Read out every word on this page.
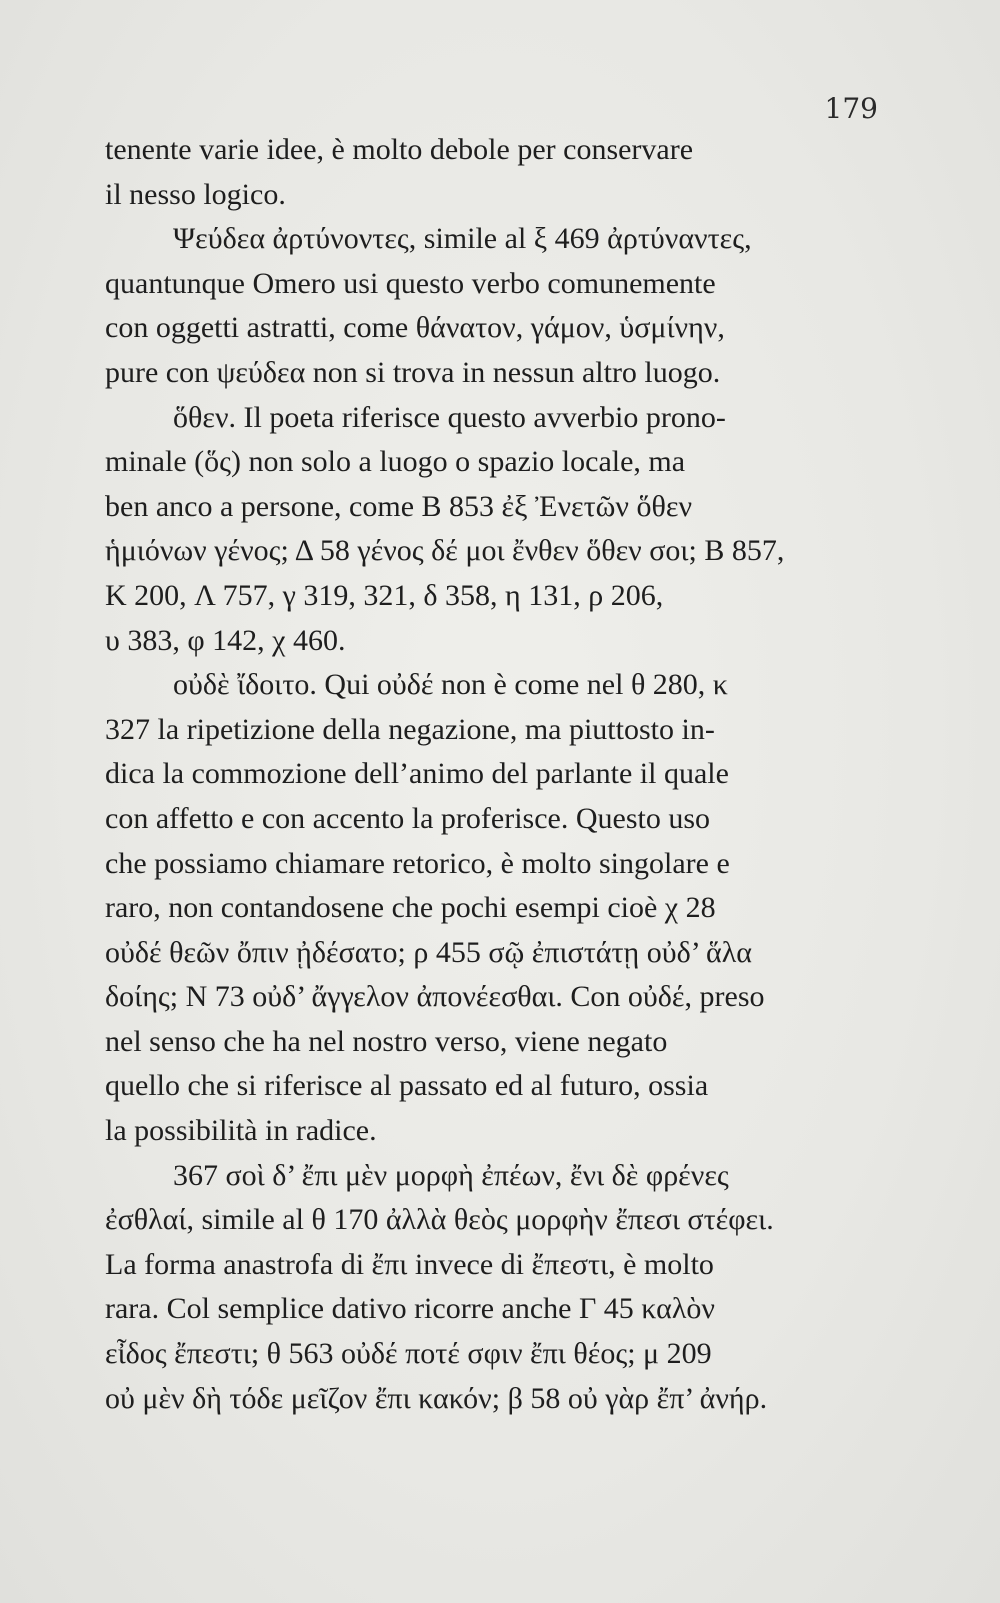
179
tenente varie idee, è molto debole per conservare
il nesso logico.
Ψεύδεα ἀρτύνοντες, simile al ξ 469 ἀρτύναντες,
quantunque Omero usi questo verbo comunemente
con oggetti astratti, come θάνατον, γάμον, ὑσμίνην,
pure con ψεύδεα non si trova in nessun altro luogo.
ὅθεν. Il poeta riferisce questo avverbio prono-
minale (ὅς) non solo a luogo o spazio locale, ma
ben anco a persone, come B 853 ἐξ Ἐνετῶν ὅθεν
ἡμιόνων γένος; Δ 58 γένος δέ μοι ἔνθεν ὅθεν σοι; B 857,
K 200, Λ 757, γ 319, 321, δ 358, η 131, ρ 206,
υ 383, φ 142, χ 460.
οὐδὲ ἴδοιτο. Qui οὐδέ non è come nel θ 280, κ
327 la ripetizione della negazione, ma piuttosto in-
dica la commozione dell’animo del parlante il quale
con affetto e con accento la proferisce. Questo uso
che possiamo chiamare retorico, è molto singolare e
raro, non contandosene che pochi esempi cioè χ 28
οὐδέ θεῶν ὄπιν ᾐδέσατο; ρ 455 σῷ ἐπιστάτῃ οὐδ’ ἅλα
δοίης; N 73 οὐδ’ ἄγγελον ἀπονέεσθαι. Con οὐδέ, preso
nel senso che ha nel nostro verso, viene negato
quello che si riferisce al passato ed al futuro, ossia
la possibilità in radice.
367 σοὶ δ’ ἔπι μὲν μορφὴ ἐπέων, ἔνι δὲ φρένες
ἐσθλαί, simile al θ 170 ἀλλὰ θεὸς μορφὴν ἔπεσι στέφει.
La forma anastrofa di ἔπι invece di ἔπεστι, è molto
rara. Col semplice dativo ricorre anche Γ 45 καλὸν
εἶδος ἔπεστι; θ 563 οὐδέ ποτέ σφιν ἔπι θέος; μ 209
οὐ μὲν δὴ τόδε μεῖζον ἔπι κακόν; β 58 οὐ γὰρ ἔπ’ ἀνήρ.
